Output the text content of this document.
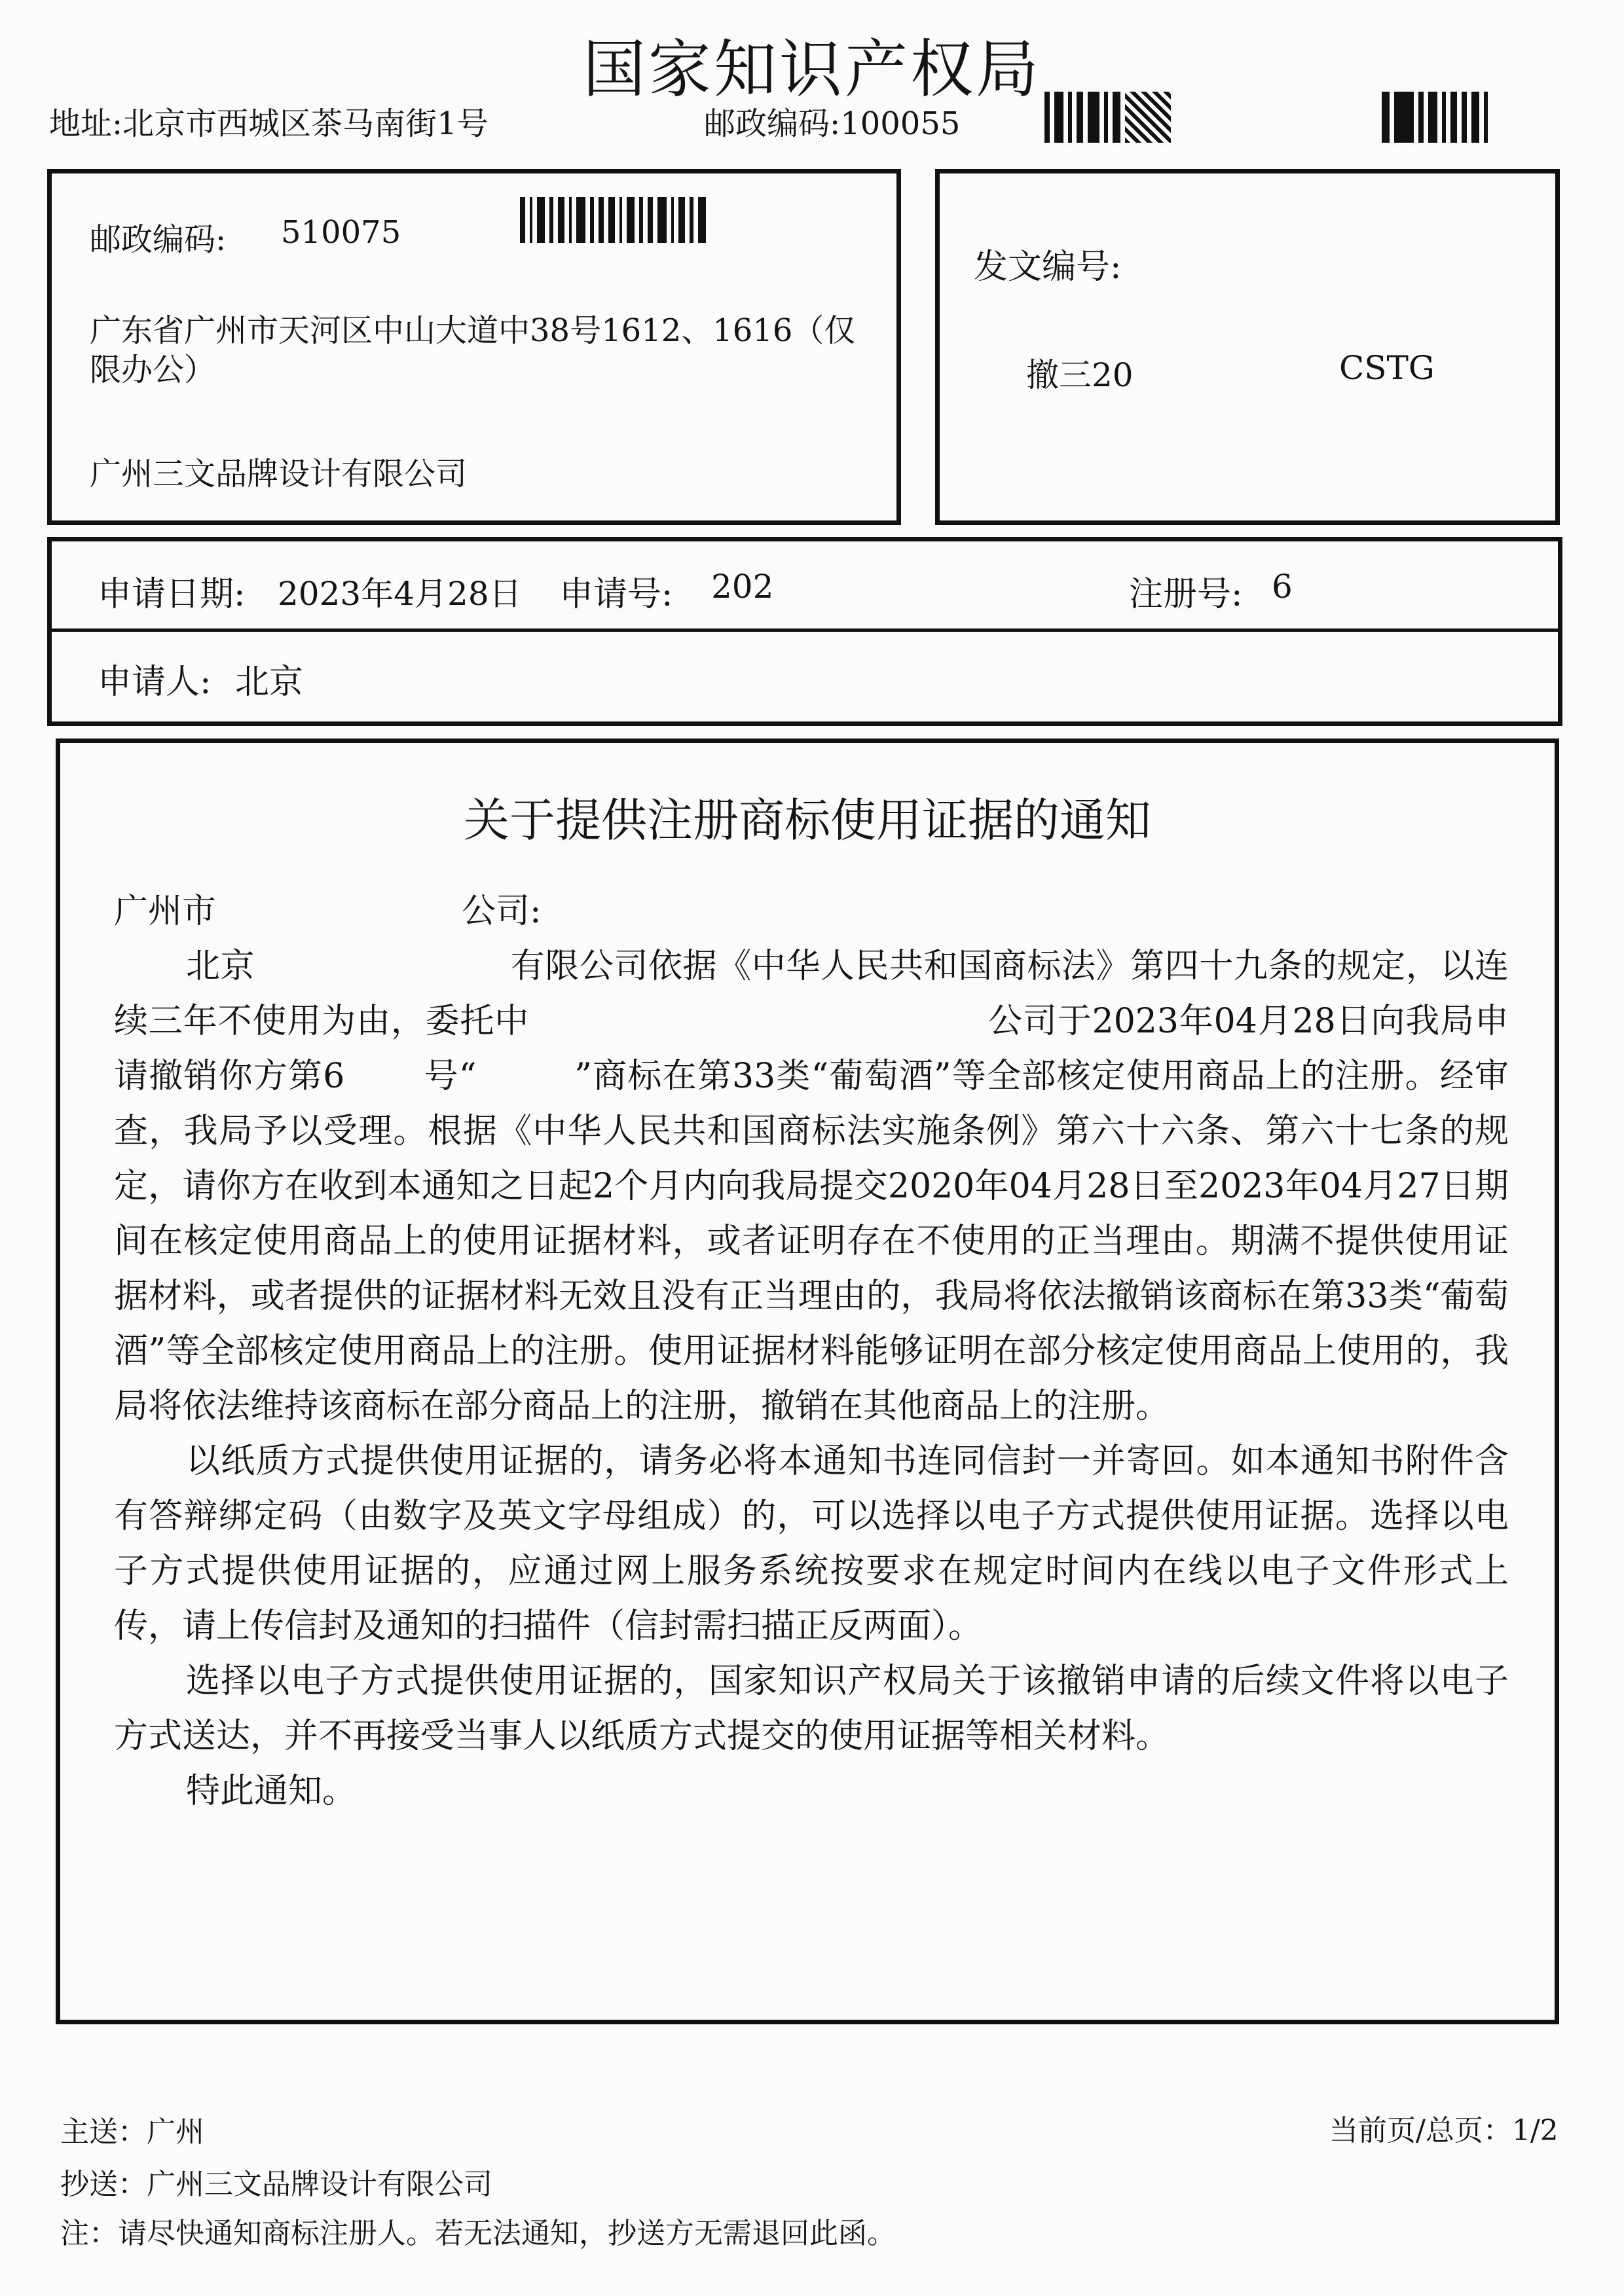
国家知识产权局
地址:北京市西城区茶马南街1号	邮政编码:100055
邮政编码: 510075
广东省广州市天河区中山大道中38号1612、1616（仅限办公）
广州三文品牌设计有限公司
发文编号:
撤三20	CSTG
申请日期: 2023年4月28日 申请号: 202	注册号: 6
申请人: 北京
关于提供注册商标使用证据的通知

广州市	公司:

北京	有限公司依据《中华人民共和国商标法》第四十九条的规定，以连续三年不使用为由，委托中	公司于2023年04月28日向我局申请撤销你方第6 号“	”商标在第33类“葡萄酒”等全部核定使用商品上的注册。经审查，我局予以受理。根据《中华人民共和国商标法实施条例》第六十六条、第六十七条的规定，请你方在收到本通知之日起2个月内向我局提交2020年04月28日至2023年04月27日期间在核定使用商品上的使用证据材料，或者证明存在不使用的正当理由。期满不提供使用证据材料，或者提供的证据材料无效且没有正当理由的，我局将依法撤销该商标在第33类“葡萄酒”等全部核定使用商品上的注册。使用证据材料能够证明在部分核定使用商品上使用的，我局将依法维持该商标在部分商品上的注册，撤销在其他商品上的注册。

以纸质方式提供使用证据的，请务必将本通知书连同信封一并寄回。如本通知书附件含有答辩绑定码（由数字及英文字母组成）的，可以选择以电子方式提供使用证据。选择以电子方式提供使用证据的，应通过网上服务系统按要求在规定时间内在线以电子文件形式上传，请上传信封及通知的扫描件（信封需扫描正反两面）。

选择以电子方式提供使用证据的，国家知识产权局关于该撤销申请的后续文件将以电子方式送达，并不再接受当事人以纸质方式提交的使用证据等相关材料。

特此通知。

主送：广州	当前页/总页：1/2
抄送：广州三文品牌设计有限公司
注：请尽快通知商标注册人。若无法通知，抄送方无需退回此函。
